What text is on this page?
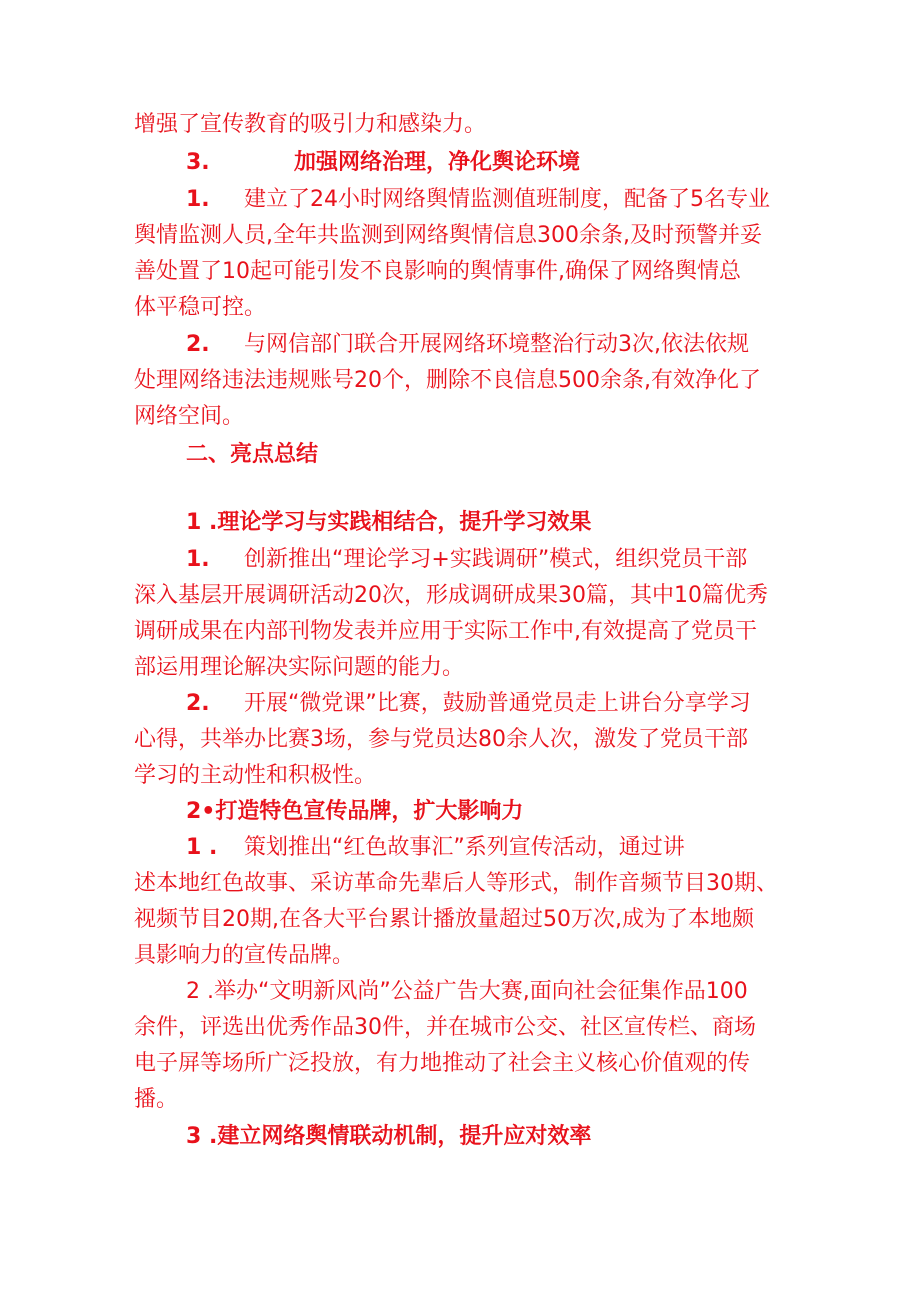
增强了宣传教育的吸引力和感染力。
3.	加强网络治理，净化舆论环境
1. 建立了24小时网络舆情监测值班制度，配备了5名专业
舆情监测人员,全年共监测到网络舆情信息300余条,及时预警并妥
善处置了10起可能引发不良影响的舆情事件,确保了网络舆情总
体平稳可控。
2. 与网信部门联合开展网络环境整治行动3次,依法依规
处理网络违法违规账号20个，删除不良信息500余条,有效净化了
网络空间。
二、亮点总结
1 .理论学习与实践相结合，提升学习效果
1. 创新推出“理论学习+实践调研”模式，组织党员干部
深入基层开展调研活动20次，形成调研成果30篇，其中10篇优秀
调研成果在内部刊物发表并应用于实际工作中,有效提高了党员干
部运用理论解决实际问题的能力。
2. 开展“微党课”比赛，鼓励普通党员走上讲台分享学习
心得，共举办比赛3场，参与党员达80余人次，激发了党员干部
学习的主动性和积极性。
2•打造特色宣传品牌，扩大影响力
1 . 策划推出“红色故事汇”系列宣传活动，通过讲
述本地红色故事、采访革命先辈后人等形式，制作音频节目30期、
视频节目20期,在各大平台累计播放量超过50万次,成为了本地颇
具影响力的宣传品牌。
2 .举办“文明新风尚”公益广告大赛,面向社会征集作品100
余件，评选出优秀作品30件，并在城市公交、社区宣传栏、商场
电子屏等场所广泛投放，有力地推动了社会主义核心价值观的传
播。
3 .建立网络舆情联动机制，提升应对效率
